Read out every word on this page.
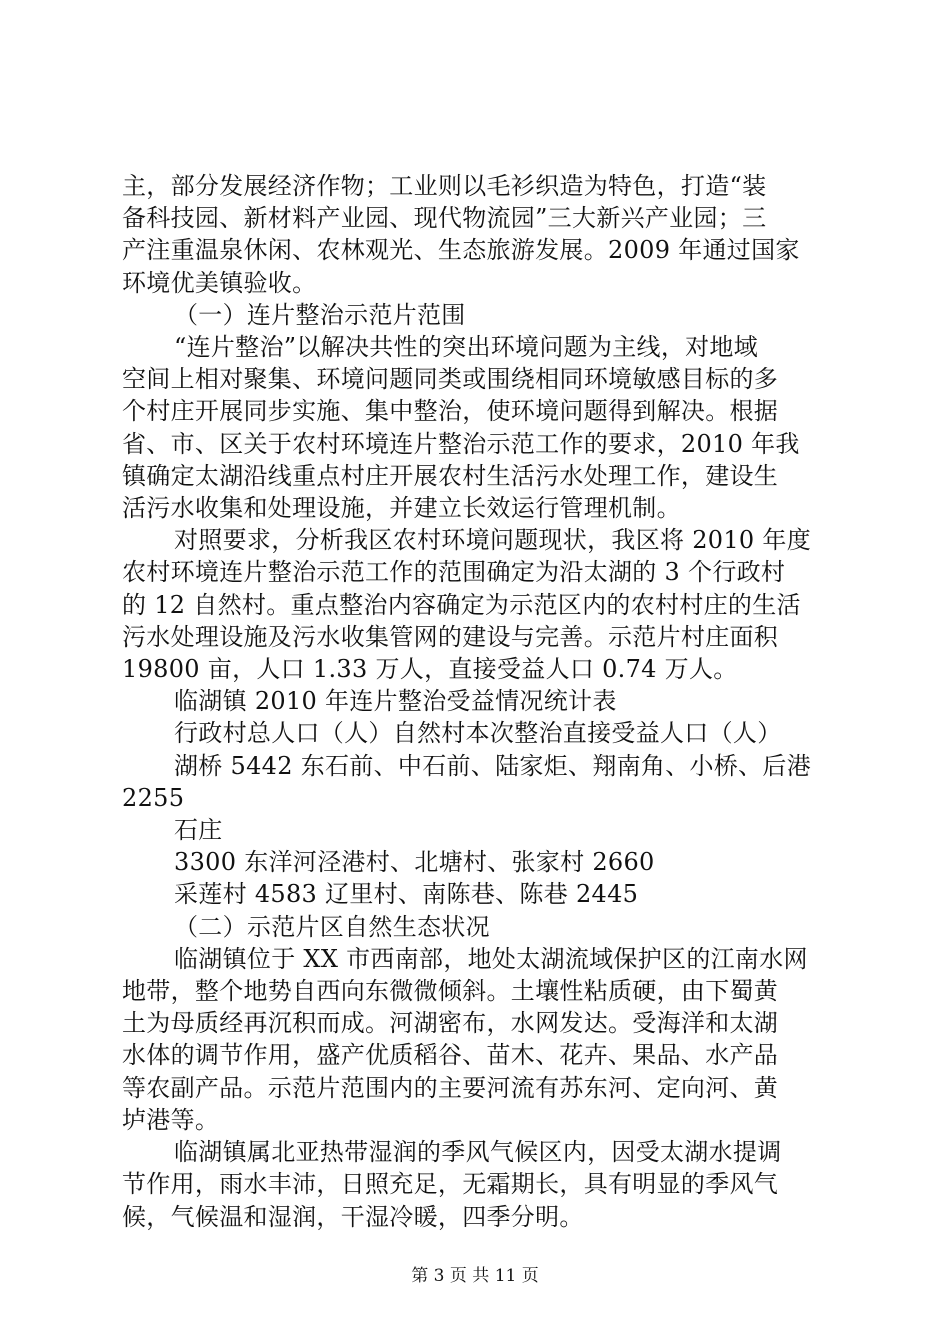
主，部分发展经济作物；工业则以毛衫织造为特色，打造“装

备科技园、新材料产业园、现代物流园”三大新兴产业园；三

产注重温泉休闲、农林观光、生态旅游发展。2009 年通过国家

环境优美镇验收。

（一）连片整治示范片范围

“连片整治”以解决共性的突出环境问题为主线，对地域

空间上相对聚集、环境问题同类或围绕相同环境敏感目标的多

个村庄开展同步实施、集中整治，使环境问题得到解决。根据

省、市、区关于农村环境连片整治示范工作的要求，2010 年我

镇确定太湖沿线重点村庄开展农村生活污水处理工作，建设生

活污水收集和处理设施，并建立长效运行管理机制。

对照要求，分析我区农村环境问题现状，我区将 2010 年度

农村环境连片整治示范工作的范围确定为沿太湖的 3 个行政村

的 12 自然村。重点整治内容确定为示范区内的农村村庄的生活

污水处理设施及污水收集管网的建设与完善。示范片村庄面积

19800 亩，人口 1.33 万人，直接受益人口 0.74 万人。

临湖镇 2010 年连片整治受益情况统计表

行政村总人口（人）自然村本次整治直接受益人口（人）

湖桥 5442 东石前、中石前、陆家炬、翔南角、小桥、后港

2255

石庄

3300 东洋河泾港村、北塘村、张家村 2660

采莲村 4583 辽里村、南陈巷、陈巷 2445

（二）示范片区自然生态状况

临湖镇位于 XX 市西南部，地处太湖流域保护区的江南水网

地带，整个地势自西向东微微倾斜。土壤性粘质硬，由下蜀黄

土为母质经再沉积而成。河湖密布，水网发达。受海洋和太湖

水体的调节作用，盛产优质稻谷、苗木、花卉、果品、水产品

等农副产品。示范片范围内的主要河流有苏东河、定向河、黄

垆港等。

临湖镇属北亚热带湿润的季风气候区内，因受太湖水提调

节作用，雨水丰沛，日照充足，无霜期长，具有明显的季风气

候，气候温和湿润，干湿冷暖，四季分明。

第 3 页 共 11 页
